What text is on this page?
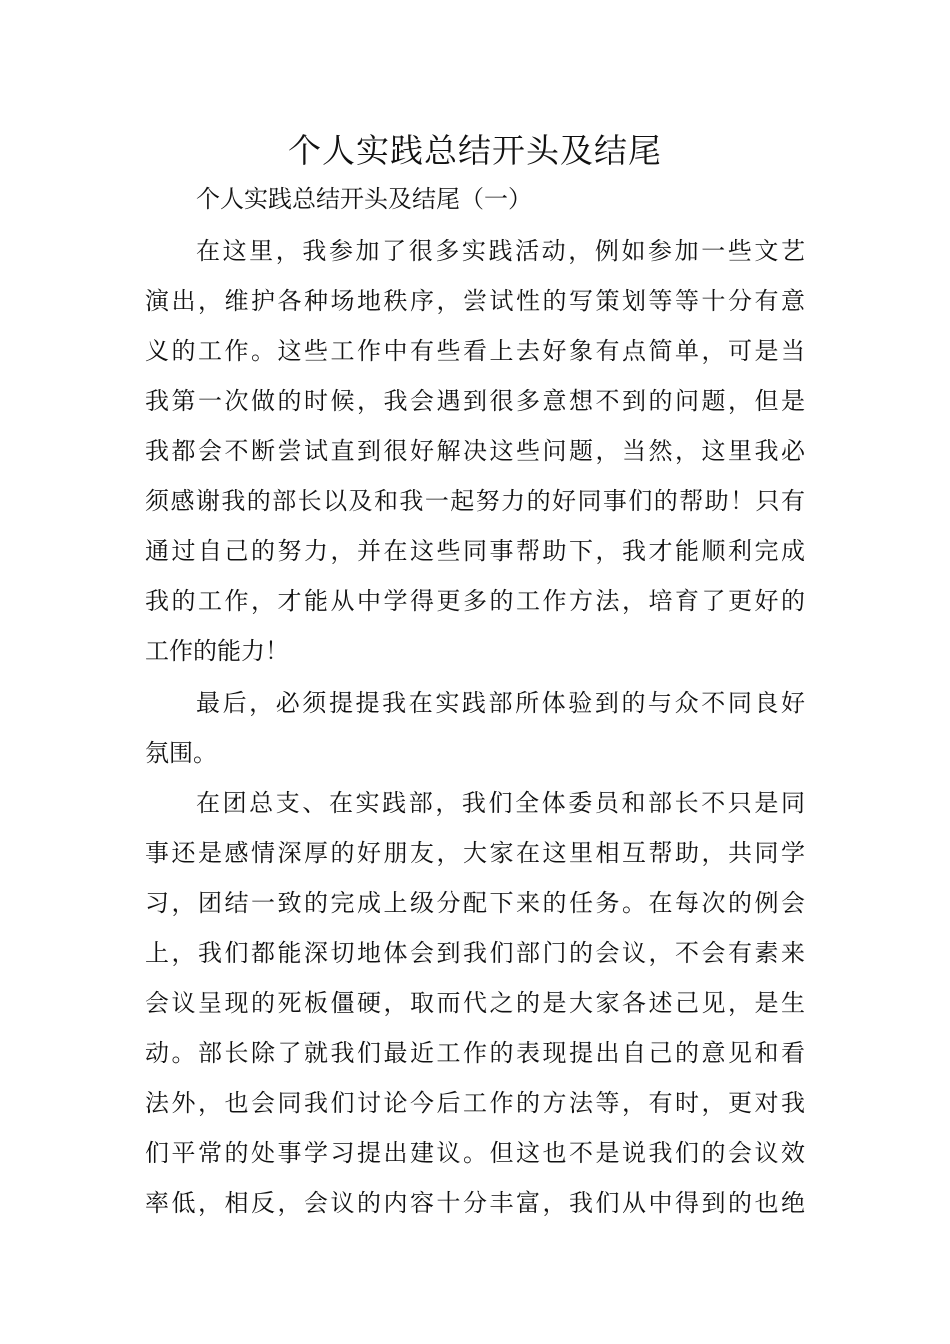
个人实践总结开头及结尾

个人实践总结开头及结尾（一）

在这里，我参加了很多实践活动，例如参加一些文艺

演出，维护各种场地秩序，尝试性的写策划等等十分有意

义的工作。这些工作中有些看上去好象有点简单，可是当

我第一次做的时候，我会遇到很多意想不到的问题，但是

我都会不断尝试直到很好解决这些问题，当然，这里我必

须感谢我的部长以及和我一起努力的好同事们的帮助！只有

通过自己的努力，并在这些同事帮助下，我才能顺利完成

我的工作，才能从中学得更多的工作方法，培育了更好的

工作的能力！

最后，必须提提我在实践部所体验到的与众不同良好

氛围。

在团总支、在实践部，我们全体委员和部长不只是同

事还是感情深厚的好朋友，大家在这里相互帮助，共同学

习，团结一致的完成上级分配下来的任务。在每次的例会

上，我们都能深切地体会到我们部门的会议，不会有素来

会议呈现的死板僵硬，取而代之的是大家各述己见，是生

动。部长除了就我们最近工作的表现提出自己的意见和看

法外，也会同我们讨论今后工作的方法等，有时，更对我

们平常的处事学习提出建议。但这也不是说我们的会议效

率低，相反，会议的内容十分丰富，我们从中得到的也绝
